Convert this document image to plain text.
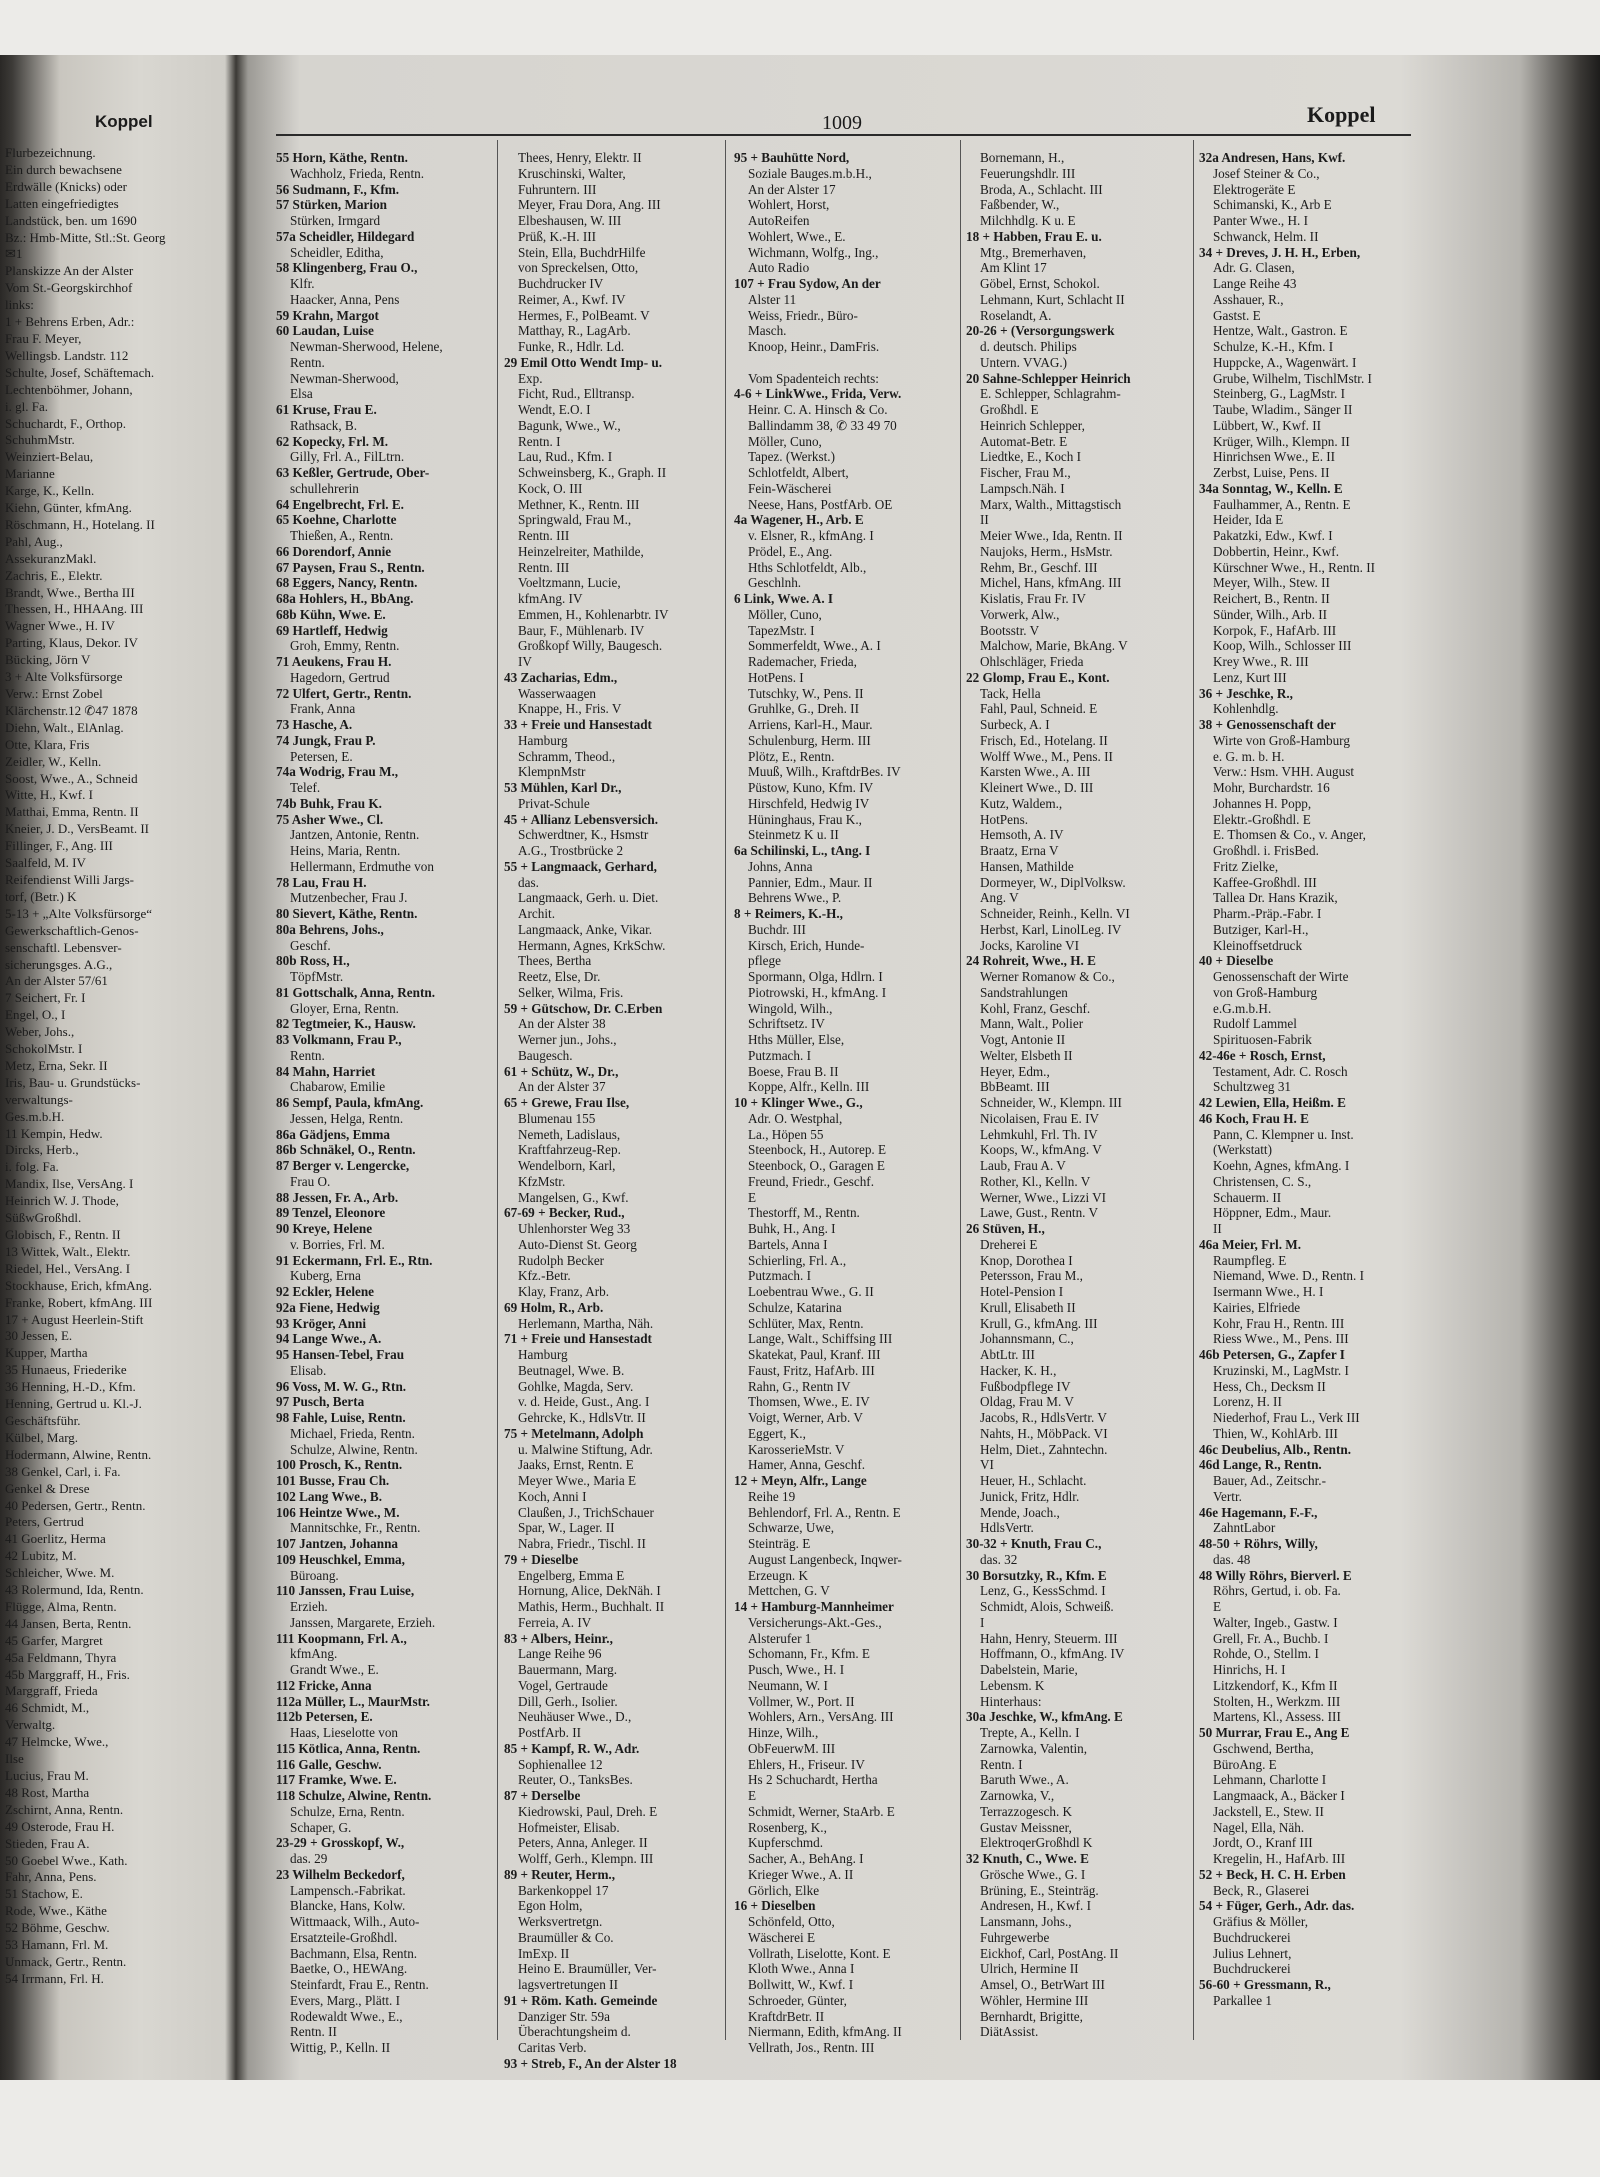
Koppel
Flurbezeichnung.
Ein durch bewachsene
Erdwälle (Knicks) oder
Latten eingefriedigtes
Landstück, ben. um 1690
Bz.: Hmb-Mitte, Stl.:St. Georg
✉1
Planskizze An der Alster
Vom St.-Georgskirchhof
links:
1 + Behrens Erben, Adr.:
Frau F. Meyer,
Wellingsb. Landstr. 112
Schulte, Josef, Schäftemach.
Lechtenböhmer, Johann,
i. gl. Fa.
Schuchardt, F., Orthop.
SchuhmMstr.
Weinziert-Belau,
Marianne
Karge, K., Kelln.
Kiehn, Günter, kfmAng.
Röschmann, H., Hotelang. II
Pahl, Aug.,
AssekuranzMakl.
Zachris, E., Elektr.
Brandt, Wwe., Bertha III
Thessen, H., HHAAng. III
Wagner Wwe., H. IV
Parting, Klaus, Dekor. IV
Bücking, Jörn V
3 + Alte Volksfürsorge
Verw.: Ernst Zobel
Klärchenstr.12 ✆47 1878
Diehn, Walt., ElAnlag.
Otte, Klara, Fris
Zeidler, W., Kelln.
Soost, Wwe., A., Schneid
Witte, H., Kwf. I
Matthai, Emma, Rentn. II
Kneier, J. D., VersBeamt. II
Fillinger, F., Ang. III
Saalfeld, M. IV
Reifendienst Willi Jargs-
torf, (Betr.) K
5-13 + „Alte Volksfürsorge“
Gewerkschaftlich-Genos-
senschaftl. Lebensver-
sicherungsges. A.G.,
An der Alster 57/61
7 Seichert, Fr. I
Engel, O., I
Weber, Johs.,
SchokolMstr. I
Metz, Erna, Sekr. II
Iris, Bau- u. Grundstücks-
verwaltungs-
Ges.m.b.H.
11 Kempin, Hedw.
Dircks, Herb.,
i. folg. Fa.
Mandix, Ilse, VersAng. I
Heinrich W. J. Thode,
SüßwGroßhdl.
Globisch, F., Rentn. II
13 Wittek, Walt., Elektr.
Riedel, Hel., VersAng. I
Stockhause, Erich, kfmAng.
Franke, Robert, kfmAng. III
17 + August Heerlein-Stift
30 Jessen, E.
Kupper, Martha
35 Hunaeus, Friederike
36 Henning, H.-D., Kfm.
Henning, Gertrud u. Kl.-J.
Geschäftsführ.
Külbel, Marg.
Hodermann, Alwine, Rentn.
38 Genkel, Carl, i. Fa.
Genkel & Drese
40 Pedersen, Gertr., Rentn.
Peters, Gertrud
41 Goerlitz, Herma
42 Lubitz, M.
Schleicher, Wwe. M.
43 Rolermund, Ida, Rentn.
Flügge, Alma, Rentn.
44 Jansen, Berta, Rentn.
45 Garfer, Margret
45a Feldmann, Thyra
45b Marggraff, H., Fris.
Marggraff, Frieda
46 Schmidt, M.,
Verwaltg.
47 Helmcke, Wwe.,
Ilse
Lucius, Frau M.
48 Rost, Martha
Zschirnt, Anna, Rentn.
49 Osterode, Frau H.
Stieden, Frau A.
50 Goebel Wwe., Kath.
Fahr, Anna, Pens.
51 Stachow, E.
Rode, Wwe., Käthe
52 Böhme, Geschw.
53 Hamann, Frl. M.
Unmack, Gertr., Rentn.
54 Irrmann, Frl. H.
1009	Koppel
55 Horn, Käthe, Rentn.
Wachholz, Frieda, Rentn.
56 Sudmann, F., Kfm.
57 Stürken, Marion
Stürken, Irmgard
57a Scheidler, Hildegard
Scheidler, Editha,
58 Klingenberg, Frau O.,
Klfr.
Haacker, Anna, Pens
59 Krahn, Margot
60 Laudan, Luise
Newman-Sherwood, Helene,
Rentn.
Newman-Sherwood,
Elsa
61 Kruse, Frau E.
Rathsack, B.
62 Kopecky, Frl. M.
Gilly, Frl. A., FilLtrn.
63 Keßler, Gertrude, Ober-
schullehrerin
64 Engelbrecht, Frl. E.
65 Koehne, Charlotte
Thießen, A., Rentn.
66 Dorendorf, Annie
67 Paysen, Frau S., Rentn.
68 Eggers, Nancy, Rentn.
68a Hohlers, H., BbAng.
68b Kühn, Wwe. E.
69 Hartleff, Hedwig
Groh, Emmy, Rentn.
71 Aeukens, Frau H.
Hagedorn, Gertrud
72 Ulfert, Gertr., Rentn.
Frank, Anna
73 Hasche, A.
74 Jungk, Frau P.
Petersen, E.
74a Wodrig, Frau M.,
Telef.
74b Buhk, Frau K.
75 Asher Wwe., Cl.
Jantzen, Antonie, Rentn.
Heins, Maria, Rentn.
Hellermann, Erdmuthe von
78 Lau, Frau H.
Mutzenbecher, Frau J.
80 Sievert, Käthe, Rentn.
80a Behrens, Johs.,
Geschf.
80b Ross, H.,
TöpfMstr.
81 Gottschalk, Anna, Rentn.
Gloyer, Erna, Rentn.
82 Tegtmeier, K., Hausw.
83 Volkmann, Frau P.,
Rentn.
84 Mahn, Harriet
Chabarow, Emilie
86 Sempf, Paula, kfmAng.
Jessen, Helga, Rentn.
86a Gädjens, Emma
86b Schnäkel, O., Rentn.
87 Berger v. Lengercke,
Frau O.
88 Jessen, Fr. A., Arb.
89 Tenzel, Eleonore
90 Kreye, Helene
v. Borries, Frl. M.
91 Eckermann, Frl. E., Rtn.
Kuberg, Erna
92 Eckler, Helene
92a Fiene, Hedwig
93 Kröger, Anni
94 Lange Wwe., A.
95 Hansen-Tebel, Frau
Elisab.
96 Voss, M. W. G., Rtn.
97 Pusch, Berta
98 Fahle, Luise, Rentn.
Michael, Frieda, Rentn.
Schulze, Alwine, Rentn.
100 Prosch, K., Rentn.
101 Busse, Frau Ch.
102 Lang Wwe., B.
106 Heintze Wwe., M.
Mannitschke, Fr., Rentn.
107 Jantzen, Johanna
109 Heuschkel, Emma,
Büroang.
110 Janssen, Frau Luise,
Erzieh.
Janssen, Margarete, Erzieh.
111 Koopmann, Frl. A.,
kfmAng.
Grandt Wwe., E.
112 Fricke, Anna
112a Müller, L., MaurMstr.
112b Petersen, E.
Haas, Lieselotte von
115 Kötlica, Anna, Rentn.
116 Galle, Geschw.
117 Framke, Wwe. E.
118 Schulze, Alwine, Rentn.
Schulze, Erna, Rentn.
Schaper, G.
23-29 + Grosskopf, W.,
das. 29
23 Wilhelm Beckedorf,
Lampensch.-Fabrikat.
Blancke, Hans, Kolw.
Wittmaack, Wilh., Auto-
Ersatzteile-Großhdl.
Bachmann, Elsa, Rentn.
Baetke, O., HEWAng.
Steinfardt, Frau E., Rentn.
Evers, Marg., Plätt. I
Rodewaldt Wwe., E.,
Rentn. II
Wittig, P., Kelln. II
Thees, Henry, Elektr. II
Kruschinski, Walter,
Fuhruntern. III
Meyer, Frau Dora, Ang. III
Elbeshausen, W. III
Prüß, K.-H. III
Stein, Ella, BuchdrHilfe
von Spreckelsen, Otto,
Buchdrucker IV
Reimer, A., Kwf. IV
Hermes, F., PolBeamt. V
Matthay, R., LagArb.
Funke, R., Hdlr. Ld.
29 Emil Otto Wendt Imp- u.
Exp.
Ficht, Rud., Elltransp.
Wendt, E.O. I
Bagunk, Wwe., W.,
Rentn. I
Lau, Rud., Kfm. I
Schweinsberg, K., Graph. II
Kock, O. III
Methner, K., Rentn. III
Springwald, Frau M.,
Rentn. III
Heinzelreiter, Mathilde,
Rentn. III
Voeltzmann, Lucie,
kfmAng. IV
Emmen, H., Kohlenarbtr. IV
Baur, F., Mühlenarb. IV
Großkopf Willy, Baugesch.
IV
43 Zacharias, Edm.,
Wasserwaagen
Knappe, H., Fris. V
33 + Freie und Hansestadt
Hamburg
Schramm, Theod.,
KlempnMstr
53 Mühlen, Karl Dr.,
Privat-Schule
45 + Allianz Lebensversich.
Schwerdtner, K., Hsmstr
A.G., Trostbrücke 2
55 + Langmaack, Gerhard,
das.
Langmaack, Gerh. u. Diet.
Archit.
Langmaack, Anke, Vikar.
Hermann, Agnes, KrkSchw.
Thees, Bertha
Reetz, Else, Dr.
Selker, Wilma, Fris.
59 + Gütschow, Dr. C.Erben
An der Alster 38
Werner jun., Johs.,
Baugesch.
61 + Schütz, W., Dr.,
An der Alster 37
65 + Grewe, Frau Ilse,
Blumenau 155
Nemeth, Ladislaus,
Kraftfahrzeug-Rep.
Wendelborn, Karl,
KfzMstr.
Mangelsen, G., Kwf.
67-69 + Becker, Rud.,
Uhlenhorster Weg 33
Auto-Dienst St. Georg
Rudolph Becker
Kfz.-Betr.
Klay, Franz, Arb.
69 Holm, R., Arb.
Herlemann, Martha, Näh.
71 + Freie und Hansestadt
Hamburg
Beutnagel, Wwe. B.
Gohlke, Magda, Serv.
v. d. Heide, Gust., Ang. I
Gehrcke, K., HdlsVtr. II
75 + Metelmann, Adolph
u. Malwine Stiftung, Adr.
Jaaks, Ernst, Rentn. E
Meyer Wwe., Maria E
Koch, Anni I
Claußen, J., TrichSchauer
Spar, W., Lager. II
Nabra, Friedr., Tischl. II
79 + Dieselbe
Engelberg, Emma E
Hornung, Alice, DekNäh. I
Mathis, Herm., Buchhalt. II
Ferreia, A. IV
83 + Albers, Heinr.,
Lange Reihe 96
Bauermann, Marg.
Vogel, Gertraude
Dill, Gerh., Isolier.
Neuhäuser Wwe., D.,
PostfArb. II
85 + Kampf, R. W., Adr.
Sophienallee 12
Reuter, O., TanksBes.
87 + Derselbe
Kiedrowski, Paul, Dreh. E
Hofmeister, Elisab.
Peters, Anna, Anleger. II
Wolff, Gerh., Klempn. III
89 + Reuter, Herm.,
Barkenkoppel 17
Egon Holm,
Werksvertretgn.
Braumüller & Co.
ImExp. II
Heino E. Braumüller, Ver-
lagsvertretungen II
91 + Röm. Kath. Gemeinde
Danziger Str. 59a
Überachtungsheim d.
Caritas Verb.
93 + Streb, F., An der Alster 18
95 + Bauhütte Nord,
Soziale Bauges.m.b.H.,
An der Alster 17
Wohlert, Horst,
AutoReifen
Wohlert, Wwe., E.
Wichmann, Wolfg., Ing.,
Auto Radio
107 + Frau Sydow, An der
Alster 11
Weiss, Friedr., Büro-
Masch.
Knoop, Heinr., DamFris.

Vom Spadenteich rechts:
4-6 + LinkWwe., Frida, Verw.
Heinr. C. A. Hinsch & Co.
Ballindamm 38, ✆ 33 49 70
Möller, Cuno,
Tapez. (Werkst.)
Schlotfeldt, Albert,
Fein-Wäscherei
Neese, Hans, PostfArb. OE
4a Wagener, H., Arb. E
v. Elsner, R., kfmAng. I
Prödel, E., Ang.
Hths Schlotfeldt, Alb.,
Geschlnh.
6 Link, Wwe. A. I
Möller, Cuno,
TapezMstr. I
Sommerfeldt, Wwe., A. I
Rademacher, Frieda,
HotPens. I
Tutschky, W., Pens. II
Gruhlke, G., Dreh. II
Arriens, Karl-H., Maur.
Schulenburg, Herm. III
Plötz, E., Rentn.
Muuß, Wilh., KraftdrBes. IV
Püstow, Kuno, Kfm. IV
Hirschfeld, Hedwig IV
Hüninghaus, Frau K.,
Steinmetz K u. II
6a Schilinski, L., tAng. I
Johns, Anna
Pannier, Edm., Maur. II
Behrens Wwe., P.
8 + Reimers, K.-H.,
Buchdr. III
Kirsch, Erich, Hunde-
pflege
Spormann, Olga, Hdlrn. I
Piotrowski, H., kfmAng. I
Wingold, Wilh.,
Schriftsetz. IV
Hths Müller, Else,
Putzmach. I
Boese, Frau B. II
Koppe, Alfr., Kelln. III
10 + Klinger Wwe., G.,
Adr. O. Westphal,
La., Höpen 55
Steenbock, H., Autorep. E
Steenbock, O., Garagen E
Freund, Friedr., Geschf.
E
Thestorff, M., Rentn.
Buhk, H., Ang. I
Bartels, Anna I
Schierling, Frl. A.,
Putzmach. I
Loebentrau Wwe., G. II
Schulze, Katarina
Schlüter, Max, Rentn.
Lange, Walt., Schiffsing III
Skatekat, Paul, Kranf. III
Faust, Fritz, HafArb. III
Rahn, G., Rentn IV
Thomsen, Wwe., E. IV
Voigt, Werner, Arb. V
Eggert, K.,
KarosserieMstr. V
Hamer, Anna, Geschf.
12 + Meyn, Alfr., Lange
Reihe 19
Behlendorf, Frl. A., Rentn. E
Schwarze, Uwe,
Steinträg. E
August Langenbeck, Inqwer-
Erzeugn. K
Mettchen, G. V
14 + Hamburg-Mannheimer
Versicherungs-Akt.-Ges.,
Alsterufer 1
Schomann, Fr., Kfm. E
Pusch, Wwe., H. I
Neumann, W. I
Vollmer, W., Port. II
Wohlers, Arn., VersAng. III
Hinze, Wilh.,
ObFeuerwM. III
Ehlers, H., Friseur. IV
Hs 2 Schuchardt, Hertha
E
Schmidt, Werner, StaArb. E
Rosenberg, K.,
Kupferschmd.
Sacher, A., BehAng. I
Krieger Wwe., A. II
Görlich, Elke
16 + Dieselben
Schönfeld, Otto,
Wäscherei E
Vollrath, Liselotte, Kont. E
Kloth Wwe., Anna I
Bollwitt, W., Kwf. I
Schroeder, Günter,
KraftdrBetr. II
Niermann, Edith, kfmAng. II
Vellrath, Jos., Rentn. III
Bornemann, H.,
Feuerungshdlr. III
Broda, A., Schlacht. III
Faßbender, W.,
Milchhdlg. K u. E
18 + Habben, Frau E. u.
Mtg., Bremerhaven,
Am Klint 17
Göbel, Ernst, Schokol.
Lehmann, Kurt, Schlacht II
Roselandt, A.
20-26 + (Versorgungswerk
d. deutsch. Philips
Untern. VVAG.)
20 Sahne-Schlepper Heinrich
E. Schlepper, Schlagrahm-
Großhdl. E
Heinrich Schlepper,
Automat-Betr. E
Liedtke, E., Koch I
Fischer, Frau M.,
Lampsch.Näh. I
Marx, Walth., Mittagstisch
II
Meier Wwe., Ida, Rentn. II
Naujoks, Herm., HsMstr.
Rehm, Br., Geschf. III
Michel, Hans, kfmAng. III
Kislatis, Frau Fr. IV
Vorwerk, Alw.,
Bootsstr. V
Malchow, Marie, BkAng. V
Ohlschläger, Frieda
22 Glomp, Frau E., Kont.
Tack, Hella
Fahl, Paul, Schneid. E
Surbeck, A. I
Frisch, Ed., Hotelang. II
Wolff Wwe., M., Pens. II
Karsten Wwe., A. III
Kleinert Wwe., D. III
Kutz, Waldem.,
HotPens.
Hemsoth, A. IV
Braatz, Erna V
Hansen, Mathilde
Dormeyer, W., DiplVolksw.
Ang. V
Schneider, Reinh., Kelln. VI
Herbst, Karl, LinolLeg. IV
Jocks, Karoline VI
24 Rohreit, Wwe., H. E
Werner Romanow & Co.,
Sandstrahlungen
Kohl, Franz, Geschf.
Mann, Walt., Polier
Vogt, Antonie II
Welter, Elsbeth II
Heyer, Edm.,
BbBeamt. III
Schneider, W., Klempn. III
Nicolaisen, Frau E. IV
Lehmkuhl, Frl. Th. IV
Koops, W., kfmAng. V
Laub, Frau A. V
Rother, Kl., Kelln. V
Werner, Wwe., Lizzi VI
Lawe, Gust., Rentn. V
26 Stüven, H.,
Dreherei E
Knop, Dorothea I
Petersson, Frau M.,
Hotel-Pension I
Krull, Elisabeth II
Krull, G., kfmAng. III
Johannsmann, C.,
AbtLtr. III
Hacker, K. H.,
Fußbodpflege IV
Oldag, Frau M. V
Jacobs, R., HdlsVertr. V
Nahts, H., MöbPack. VI
Helm, Diet., Zahntechn.
VI
Heuer, H., Schlacht.
Junick, Fritz, Hdlr.
Mende, Joach.,
HdlsVertr.
30-32 + Knuth, Frau C.,
das. 32
30 Borsutzky, R., Kfm. E
Lenz, G., KessSchmd. I
Schmidt, Alois, Schweiß.
I
Hahn, Henry, Steuerm. III
Hoffmann, O., kfmAng. IV
Dabelstein, Marie,
Lebensm. K
Hinterhaus:
30a Jeschke, W., kfmAng. E
Trepte, A., Kelln. I
Zarnowka, Valentin,
Rentn. I
Baruth Wwe., A.
Zarnowka, V.,
Terrazzogesch. K
Gustav Meissner,
ElektroqerGroßhdl K
32 Knuth, C., Wwe. E
Grösche Wwe., G. I
Brüning, E., Steinträg.
Andresen, H., Kwf. I
Lansmann, Johs.,
Fuhrgewerbe
Eickhof, Carl, PostAng. II
Ulrich, Hermine II
Amsel, O., BetrWart III
Wöhler, Hermine III
Bernhardt, Brigitte,
DiätAssist.
32a Andresen, Hans, Kwf.
Josef Steiner & Co.,
Elektrogeräte E
Schimanski, K., Arb E
Panter Wwe., H. I
Schwanck, Helm. II
34 + Dreves, J. H. H., Erben,
Adr. G. Clasen,
Lange Reihe 43
Asshauer, R.,
Gastst. E
Hentze, Walt., Gastron. E
Schulze, K.-H., Kfm. I
Huppcke, A., Wagenwärt. I
Grube, Wilhelm, TischlMstr. I
Steinberg, G., LagMstr. I
Taube, Wladim., Sänger II
Lübbert, W., Kwf. II
Krüger, Wilh., Klempn. II
Hinrichsen Wwe., E. II
Zerbst, Luise, Pens. II
34a Sonntag, W., Kelln. E
Faulhammer, A., Rentn. E
Heider, Ida E
Pakatzki, Edw., Kwf. I
Dobbertin, Heinr., Kwf.
Kürschner Wwe., H., Rentn. II
Meyer, Wilh., Stew. II
Reichert, B., Rentn. II
Sünder, Wilh., Arb. II
Korpok, F., HafArb. III
Koop, Wilh., Schlosser III
Krey Wwe., R. III
Lenz, Kurt III
36 + Jeschke, R.,
Kohlenhdlg.
38 + Genossenschaft der
Wirte von Groß-Hamburg
e. G. m. b. H.
Verw.: Hsm. VHH. August
Mohr, Burchardstr. 16
Johannes H. Popp,
Elektr.-Großhdl. E
E. Thomsen & Co., v. Anger,
Großhdl. i. FrisBed.
Fritz Zielke,
Kaffee-Großhdl. III
Tallea Dr. Hans Krazik,
Pharm.-Präp.-Fabr. I
Butziger, Karl-H.,
Kleinoffsetdruck
40 + Dieselbe
Genossenschaft der Wirte
von Groß-Hamburg
e.G.m.b.H.
Rudolf Lammel
Spirituosen-Fabrik
42-46e + Rosch, Ernst,
Testament, Adr. C. Rosch
Schultzweg 31
42 Lewien, Ella, Heißm. E
46 Koch, Frau H. E
Pann, C. Klempner u. Inst.
(Werkstatt)
Koehn, Agnes, kfmAng. I
Christensen, C. S.,
Schauerm. II
Höppner, Edm., Maur.
II
46a Meier, Frl. M.
Raumpfleg. E
Niemand, Wwe. D., Rentn. I
Isermann Wwe., H. I
Kairies, Elfriede
Kohr, Frau H., Rentn. III
Riess Wwe., M., Pens. III
46b Petersen, G., Zapfer I
Kruzinski, M., LagMstr. I
Hess, Ch., Decksm II
Lorenz, H. II
Niederhof, Frau L., Verk III
Thien, W., KohlArb. III
46c Deubelius, Alb., Rentn.
46d Lange, R., Rentn.
Bauer, Ad., Zeitschr.-
Vertr.
46e Hagemann, F.-F.,
ZahntLabor
48-50 + Röhrs, Willy,
das. 48
48 Willy Röhrs, Bierverl. E
Röhrs, Gertud, i. ob. Fa.
E
Walter, Ingeb., Gastw. I
Grell, Fr. A., Buchb. I
Rohde, O., Stellm. I
Hinrichs, H. I
Litzkendorf, K., Kfm II
Stolten, H., Werkzm. III
Martens, Kl., Assess. III
50 Murrar, Frau E., Ang E
Gschwend, Bertha,
BüroAng. E
Lehmann, Charlotte I
Langmaack, A., Bäcker I
Jackstell, E., Stew. II
Nagel, Ella, Näh.
Jordt, O., Kranf III
Kregelin, H., HafArb. III
52 + Beck, H. C. H. Erben
Beck, R., Glaserei
54 + Füger, Gerh., Adr. das.
Gräfius & Möller,
Buchdruckerei
Julius Lehnert,
Buchdruckerei
56-60 + Gressmann, R.,
Parkallee 1
